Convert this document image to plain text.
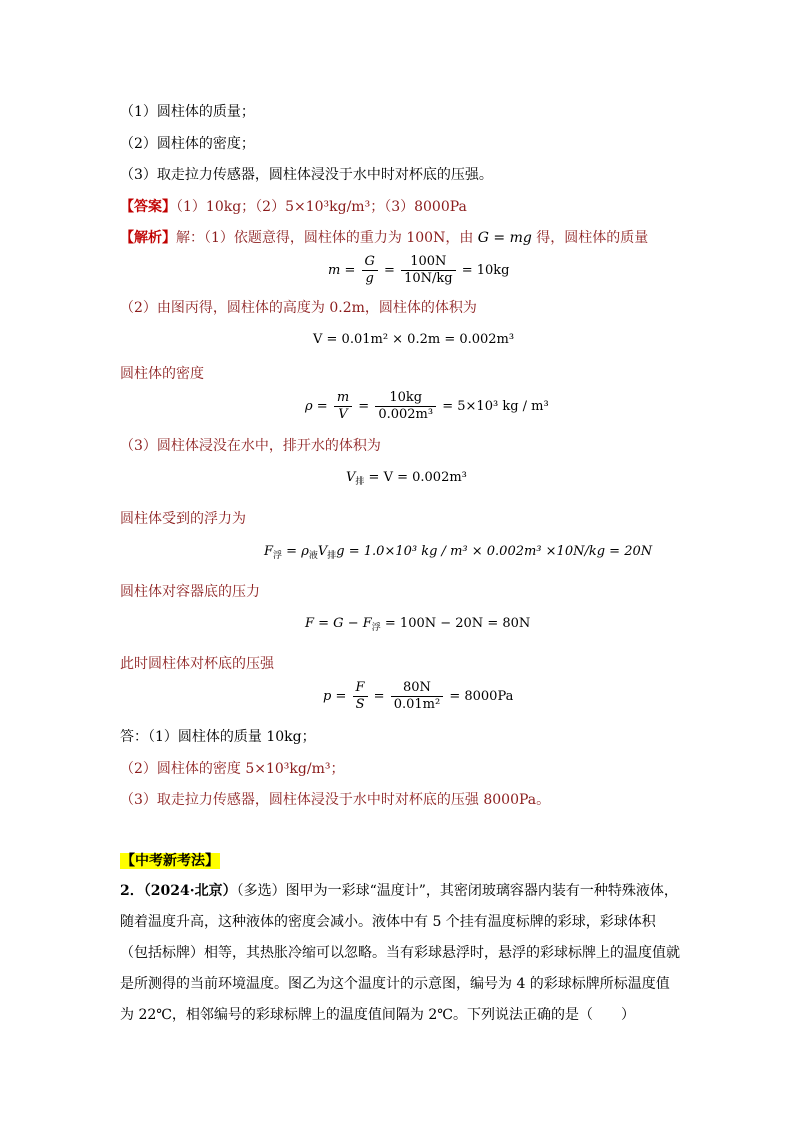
（1）圆柱体的质量；
（2）圆柱体的密度；
（3）取走拉力传感器，圆柱体浸没于水中时对杯底的压强。
【答案】（1）10kg；（2）5×10³kg/m³；（3）8000Pa
【解析】解：（1）依题意得，圆柱体的重力为 100N，由 G = mg 得，圆柱体的质量
$m = \frac{G}{g} = \frac{100N}{10N/kg} = 10kg$
（2）由图丙得，圆柱体的高度为 0.2m，圆柱体的体积为
V = 0.01m² × 0.2m = 0.002m³
圆柱体的密度
$\rho = \frac{m}{V} = \frac{10kg}{\text{0.002m³}} = 5\times 10^3$ kg / m³
（3）圆柱体浸没在水中，排开水的体积为
$V_排 = V = 0.002m^3$
圆柱体受到的浮力为
$F_浮 = \rho_液V_排g = 1.0\times 10^3$ kg / m³ × 0.002m³ ×10N/kg = 20N
圆柱体对容器底的压力
$F = G - F_浮 = 100N - 20N = 80N$
此时圆柱体对杯底的压强
$p = \frac{F}{S} = \frac{80N}{\text{0.01m²}} = 8000Pa$
答：（1）圆柱体的质量 10kg；
（2）圆柱体的密度 5×10³kg/m³；
（3）取走拉力传感器，圆柱体浸没于水中时对杯底的压强 8000Pa。
【中考新考法】
2．（2024·北京）（多选）图甲为一彩球“温度计”，其密闭玻璃容器内装有一种特殊液体，随着温度升高，这种液体的密度会减小。液体中有 5 个挂有温度标牌的彩球，彩球体积（包括标牌）相等，其热胀冷缩可以忽略。当有彩球悬浮时，悬浮的彩球标牌上的温度值就是所测得的当前环境温度。图乙为这个温度计的示意图，编号为 4 的彩球标牌所标温度值为 22℃，相邻编号的彩球标牌上的温度值间隔为 2℃。下列说法正确的是（　　）
